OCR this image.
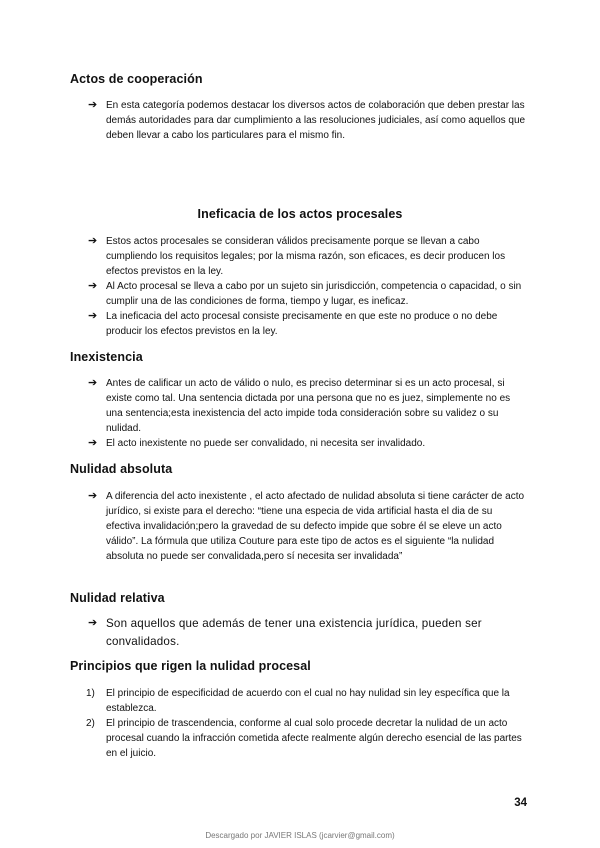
Actos de cooperación
➔ En esta categoría podemos destacar los diversos actos de colaboración que deben prestar las demás autoridades para dar cumplimiento a las resoluciones judiciales, así como aquellos que deben llevar a cabo los particulares para el mismo fin.
Ineficacia de los actos procesales
➔ Estos actos procesales se consideran válidos precisamente porque se llevan a cabo cumpliendo los requisitos legales; por la misma razón, son eficaces, es decir producen los efectos previstos en la ley.
➔ Al Acto procesal se lleva a cabo por un sujeto sin jurisdicción, competencia o capacidad, o sin cumplir una de las condiciones de forma, tiempo y lugar, es ineficaz.
➔ La ineficacia del acto procesal consiste precisamente en que este no produce o no debe producir los efectos previstos en la ley.
Inexistencia
➔ Antes de calificar un acto de válido o nulo, es preciso determinar si es un acto procesal, si existe como tal. Una sentencia dictada por una persona que no es juez, simplemente no es una sentencia;esta inexistencia del acto impide toda consideración sobre su validez o su nulidad.
➔ El acto inexistente no puede ser convalidado, ni necesita ser invalidado.
Nulidad absoluta
➔ A diferencia del acto inexistente , el acto afectado de nulidad absoluta si tiene carácter de acto jurídico, si existe para el derecho: “tiene una especia de vida artificial hasta el dia de su efectiva invalidación;pero la gravedad de su defecto impide que sobre él se eleve un acto válido”. La fórmula que utiliza Couture para este tipo de actos es el siguiente “la nulidad absoluta no puede ser convalidada,pero sí necesita ser invalidada”
Nulidad relativa
➔ Son aquellos que además de tener una existencia jurídica, pueden ser convalidados.
Principios que rigen la nulidad procesal
1) El principio de especificidad de acuerdo con el cual no hay nulidad sin ley específica que la establezca.
2) El principio de trascendencia, conforme al cual solo procede decretar la nulidad de un acto procesal cuando la infracción cometida afecte realmente algún derecho esencial de las partes en el juicio.
34
Descargado por JAVIER ISLAS (jcarvier@gmail.com)
